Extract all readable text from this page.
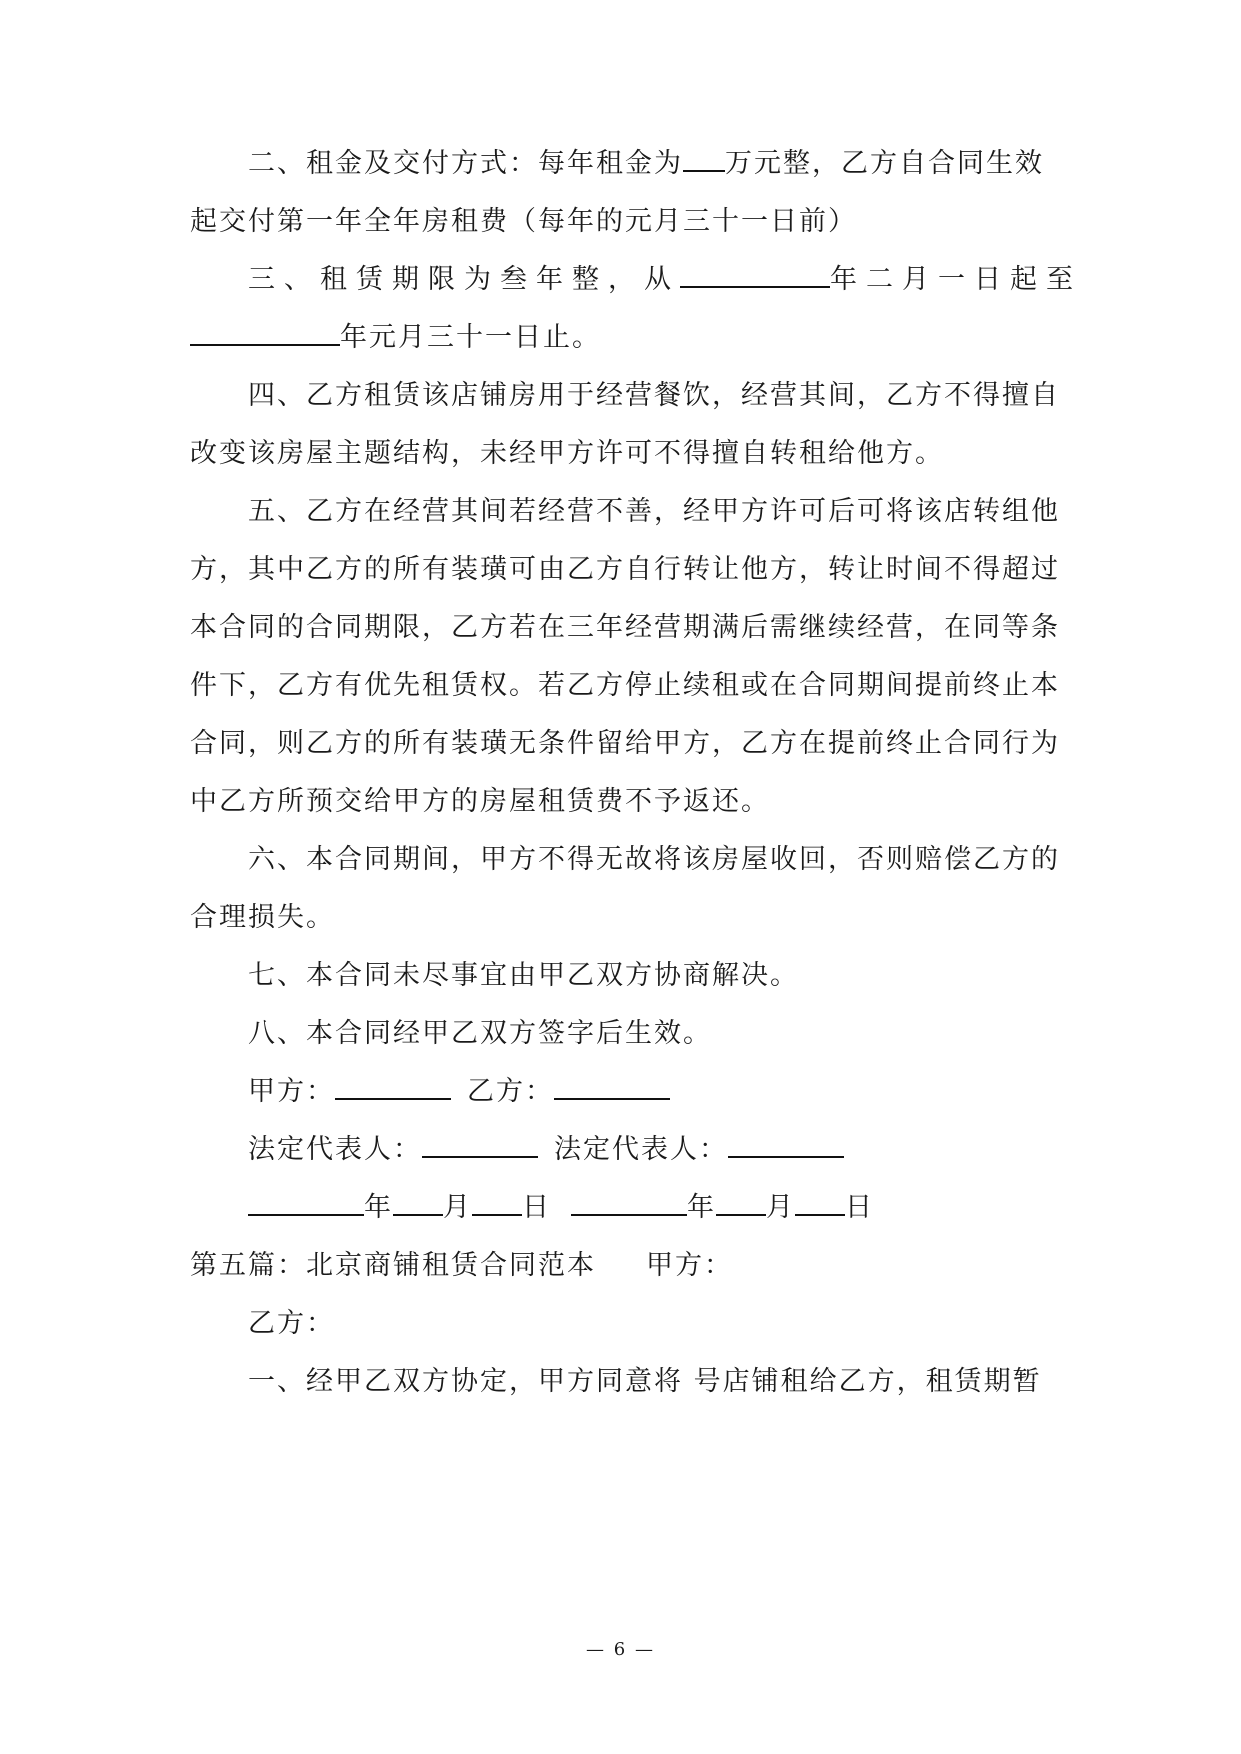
二、租金及交付方式：每年租金为 万元整，乙方自合同生效
起交付第一年全年房租费（每年的元月三十一日前）
三、租赁期限为叁年整，从	年二月一日起至
年元月三十一日止。
四、乙方租赁该店铺房用于经营餐饮，经营其间，乙方不得擅自
改变该房屋主题结构，未经甲方许可不得擅自转租给他方。
五、乙方在经营其间若经营不善，经甲方许可后可将该店转组他
方，其中乙方的所有装璜可由乙方自行转让他方，转让时间不得超过
本合同的合同期限，乙方若在三年经营期满后需继续经营，在同等条
件下，乙方有优先租赁权。若乙方停止续租或在合同期间提前终止本
合同，则乙方的所有装璜无条件留给甲方，乙方在提前终止合同行为
中乙方所预交给甲方的房屋租赁费不予返还。
六、本合同期间，甲方不得无故将该房屋收回，否则赔偿乙方的
合理损失。
七、本合同未尽事宜由甲乙双方协商解决。
八、本合同经甲乙双方签字后生效。
甲方：	乙方：
法定代表人：	法定代表人：
年 月 日	年 月 日
第五篇：北京商铺租赁合同范本 甲方：
乙方：
一、经甲乙双方协定，甲方同意将 号店铺租给乙方，租赁期暂
— 6 —
